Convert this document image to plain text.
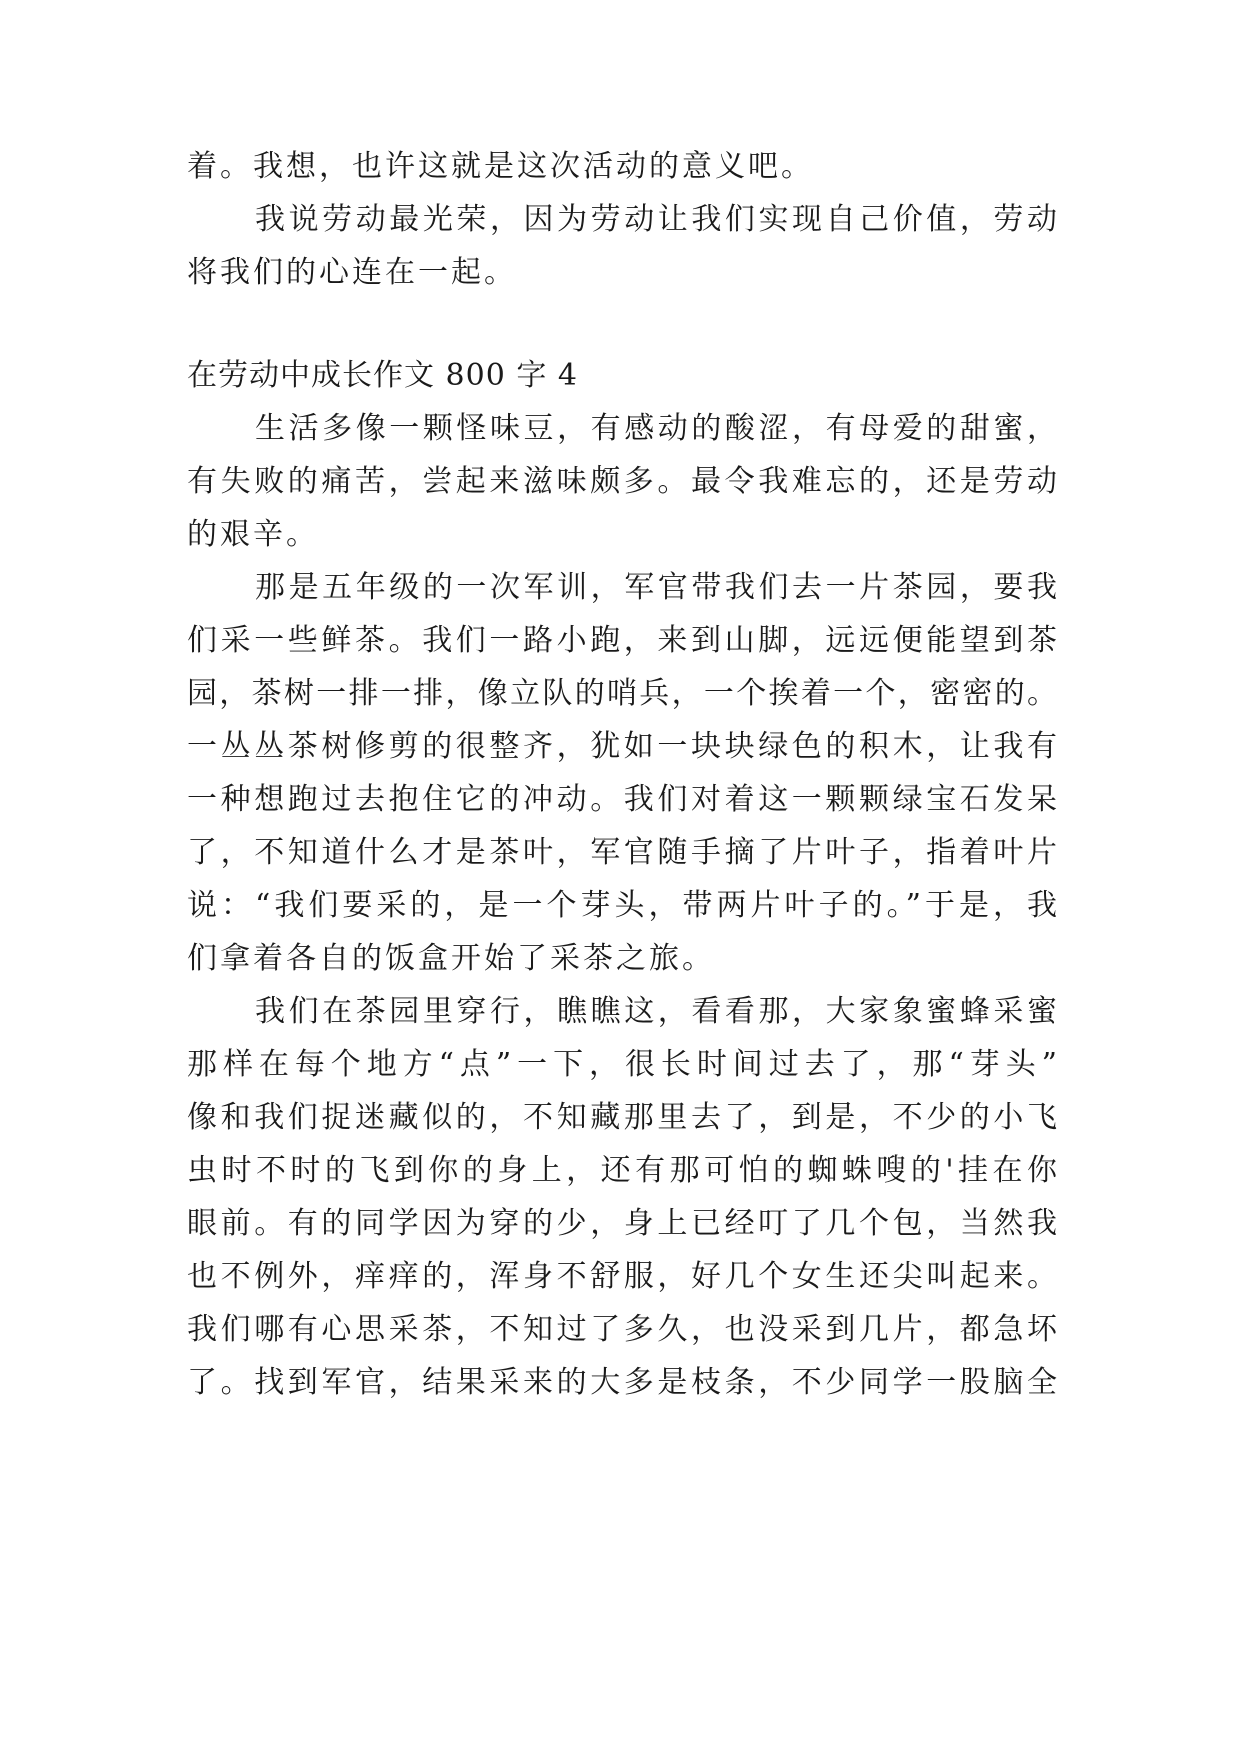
着。我想，也许这就是这次活动的意义吧。
我说劳动最光荣，因为劳动让我们实现自己价值，劳动
将我们的心连在一起。
在劳动中成长作文 800 字 4
生活多像一颗怪味豆，有感动的酸涩，有母爱的甜蜜，
有失败的痛苦，尝起来滋味颇多。最令我难忘的，还是劳动
的艰辛。
那是五年级的一次军训，军官带我们去一片茶园，要我
们采一些鲜茶。我们一路小跑，来到山脚，远远便能望到茶
园，茶树一排一排，像立队的哨兵，一个挨着一个，密密的。
一丛丛茶树修剪的很整齐，犹如一块块绿色的积木，让我有
一种想跑过去抱住它的冲动。我们对着这一颗颗绿宝石发呆
了，不知道什么才是茶叶，军官随手摘了片叶子，指着叶片
说：“我们要采的，是一个芽头，带两片叶子的。”于是，我
们拿着各自的饭盒开始了采茶之旅。
我们在茶园里穿行，瞧瞧这，看看那，大家象蜜蜂采蜜
那样在每个地方“点”一下，很长时间过去了，那“芽头”
像和我们捉迷藏似的，不知藏那里去了，到是，不少的小飞
虫时不时的飞到你的身上，还有那可怕的蜘蛛嗖的'挂在你
眼前。有的同学因为穿的少，身上已经叮了几个包，当然我
也不例外，痒痒的，浑身不舒服，好几个女生还尖叫起来。
我们哪有心思采茶，不知过了多久，也没采到几片，都急坏
了。找到军官，结果采来的大多是枝条，不少同学一股脑全
